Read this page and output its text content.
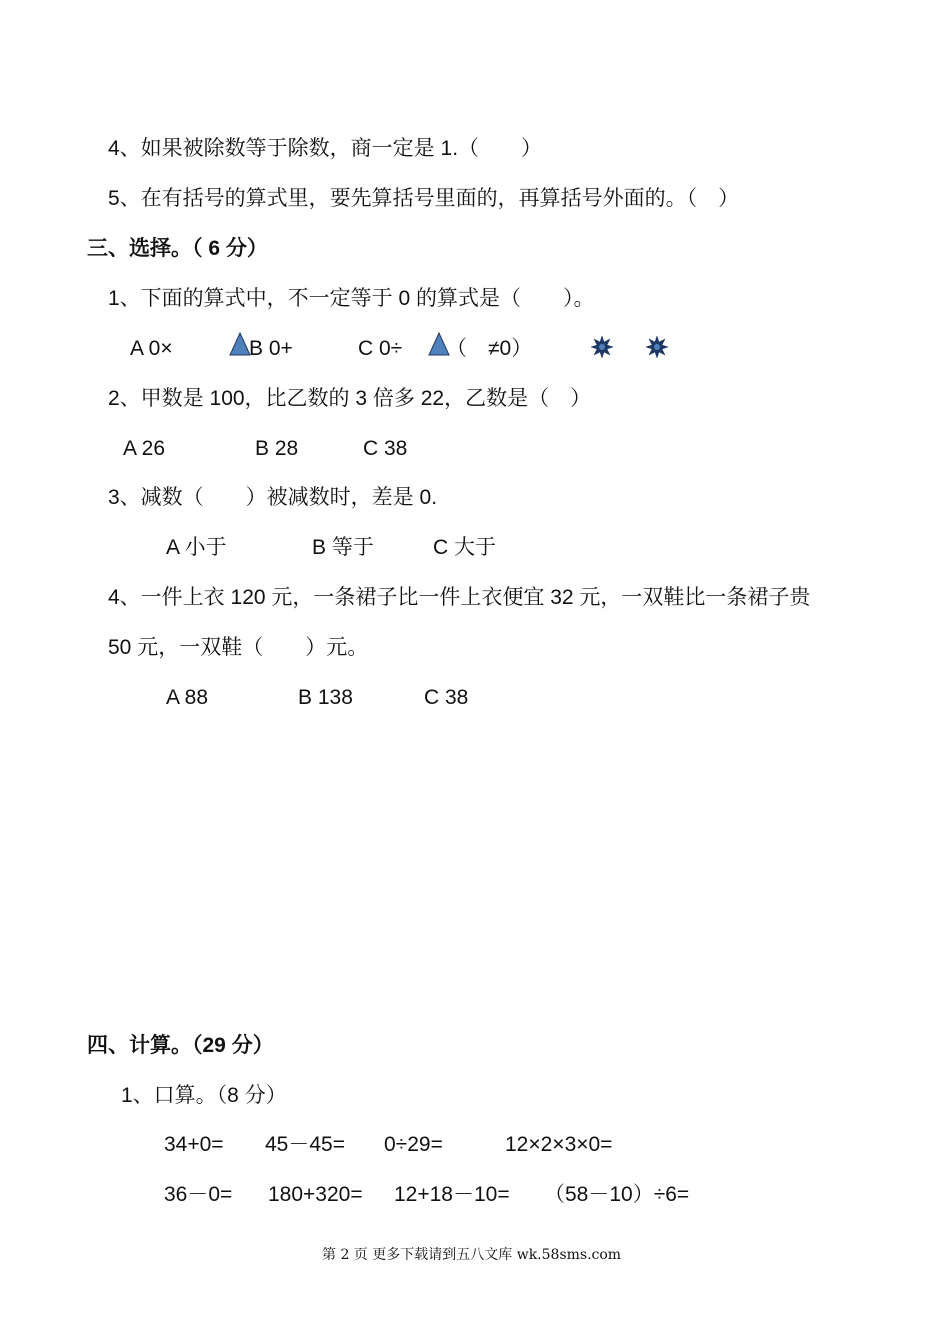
4、如果被除数等于除数，商一定是 1.（　　）
5、在有括号的算式里，要先算括号里面的，再算括号外面的。（　）
三、选择。（ 6 分）
1、下面的算式中，不一定等于 0 的算式是（　　）。
A 0×	B 0+	C 0÷ （　≠0）
2、甲数是 100，比乙数的 3 倍多 22，乙数是（　）
A 26	B 28	C 38
3、减数（　　）被减数时，差是 0.
A 小于	B 等于	C 大于
4、一件上衣 120 元，一条裙子比一件上衣便宜 32 元，一双鞋比一条裙子贵
50 元，一双鞋（　　）元。
A 88	B 138	C 38
四、计算。（29 分）
1、口算。（8 分）
34+0= 45－45= 0÷29=	12×2×3×0=
36－0= 180+320= 12+18－10= （58－10）÷6=
第 2 页 更多下载请到五八文库 wk.58sms.com
